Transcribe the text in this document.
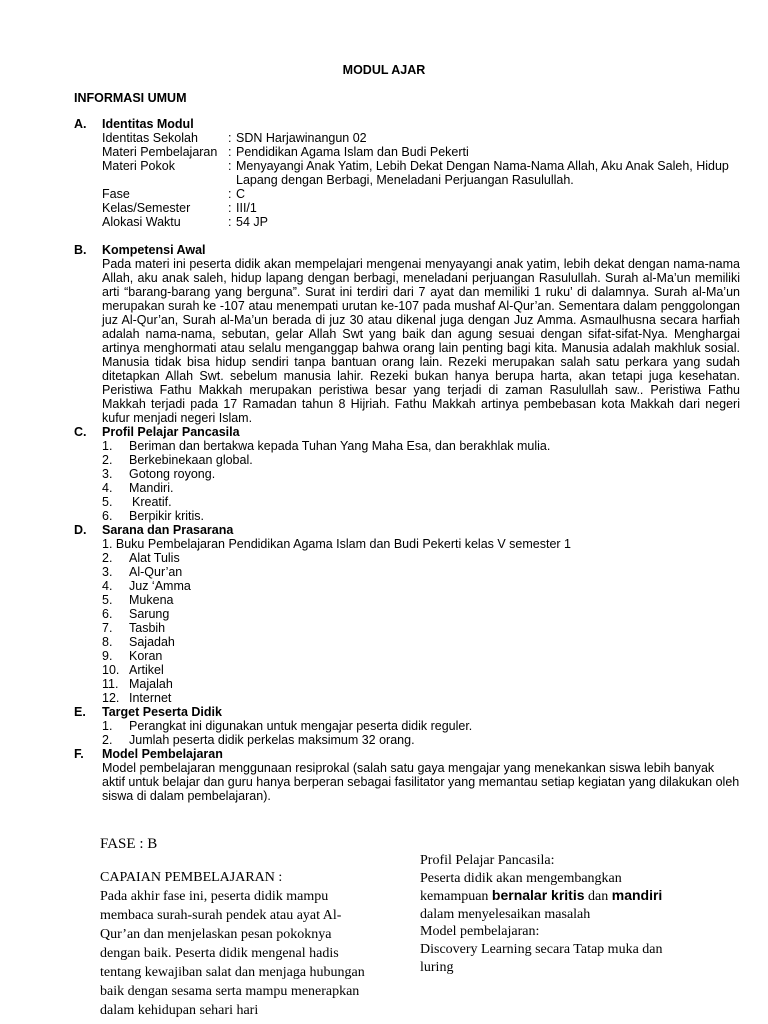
MODUL AJAR
INFORMASI UMUM
A.	Identitas Modul
Identitas Sekolah	: SDN Harjawinangun 02
Materi Pembelajaran : Pendidikan Agama Islam dan Budi Pekerti
Materi Pokok	: Menyayangi Anak Yatim, Lebih Dekat Dengan Nama-Nama Allah, Aku Anak Saleh, Hidup Lapang dengan Berbagi, Meneladani Perjuangan Rasulullah.
Fase	: C
Kelas/Semester	: III/1
Alokasi Waktu	: 54 JP
B.	Kompetensi Awal
Pada materi ini peserta didik akan mempelajari mengenai menyayangi anak yatim, lebih dekat dengan nama-nama Allah, aku anak saleh, hidup lapang dengan berbagi, meneladani perjuangan Rasulullah. Surah al-Ma’un memiliki arti “barang-barang yang berguna”. Surat ini terdiri dari 7 ayat dan memiliki 1 ruku’ di dalamnya. Surah al-Ma’un merupakan surah ke -107 atau menempati urutan ke-107 pada mushaf Al-Qur’an. Sementara dalam penggolongan juz Al-Qur’an, Surah al-Ma’un berada di juz 30 atau dikenal juga dengan Juz Amma. Asmaulhusna secara harfiah adalah nama-nama, sebutan, gelar Allah Swt yang baik dan agung sesuai dengan sifat-sifat-Nya. Menghargai artinya menghormati atau selalu menganggap bahwa orang lain penting bagi kita. Manusia adalah makhluk sosial. Manusia tidak bisa hidup sendiri tanpa bantuan orang lain. Rezeki merupakan salah satu perkara yang sudah ditetapkan Allah Swt. sebelum manusia lahir. Rezeki bukan hanya berupa harta, akan tetapi juga kesehatan. Peristiwa Fathu Makkah merupakan peristiwa besar yang terjadi di zaman Rasulullah saw.. Peristiwa Fathu Makkah terjadi pada 17 Ramadan tahun 8 Hijriah. Fathu Makkah artinya pembebasan kota Makkah dari negeri kufur menjadi negeri Islam.
C.	Profil Pelajar Pancasila
1.	Beriman dan bertakwa kepada Tuhan Yang Maha Esa, dan berakhlak mulia.
2.	Berkebinekaan global.
3.	Gotong royong.
4.	Mandiri.
5.	Kreatif.
6.	Berpikir kritis.
D.	Sarana dan Prasarana
1. Buku Pembelajaran Pendidikan Agama Islam dan Budi Pekerti kelas V semester 1
2.	Alat Tulis
3.	Al-Qur’an
4.	Juz ‘Amma
5.	Mukena
6.	Sarung
7.	Tasbih
8.	Sajadah
9.	Koran
10. Artikel
11. Majalah
12. Internet
E.	Target Peserta Didik
1.	Perangkat ini digunakan untuk mengajar peserta didik reguler.
2.	Jumlah peserta didik perkelas maksimum 32 orang.
F.	Model Pembelajaran
Model pembelajaran menggunaan resiprokal (salah satu gaya mengajar yang menekankan siswa lebih banyak aktif untuk belajar dan guru hanya berperan sebagai fasilitator yang memantau setiap kegiatan yang dilakukan oleh siswa di dalam pembelajaran).
FASE : B
CAPAIAN PEMBELAJARAN :
Pada akhir fase ini, peserta didik mampu membaca surah-surah pendek atau ayat Al-Qur’an dan menjelaskan pesan pokoknya dengan baik. Peserta didik mengenal hadis tentang kewajiban salat dan menjaga hubungan baik dengan sesama serta mampu menerapkan dalam kehidupan sehari hari
Profil Pelajar Pancasila:
Peserta didik akan mengembangkan kemampuan bernalar kritis dan mandiri dalam menyelesaikan masalah
Model pembelajaran:
Discovery Learning secara Tatap muka dan luring
